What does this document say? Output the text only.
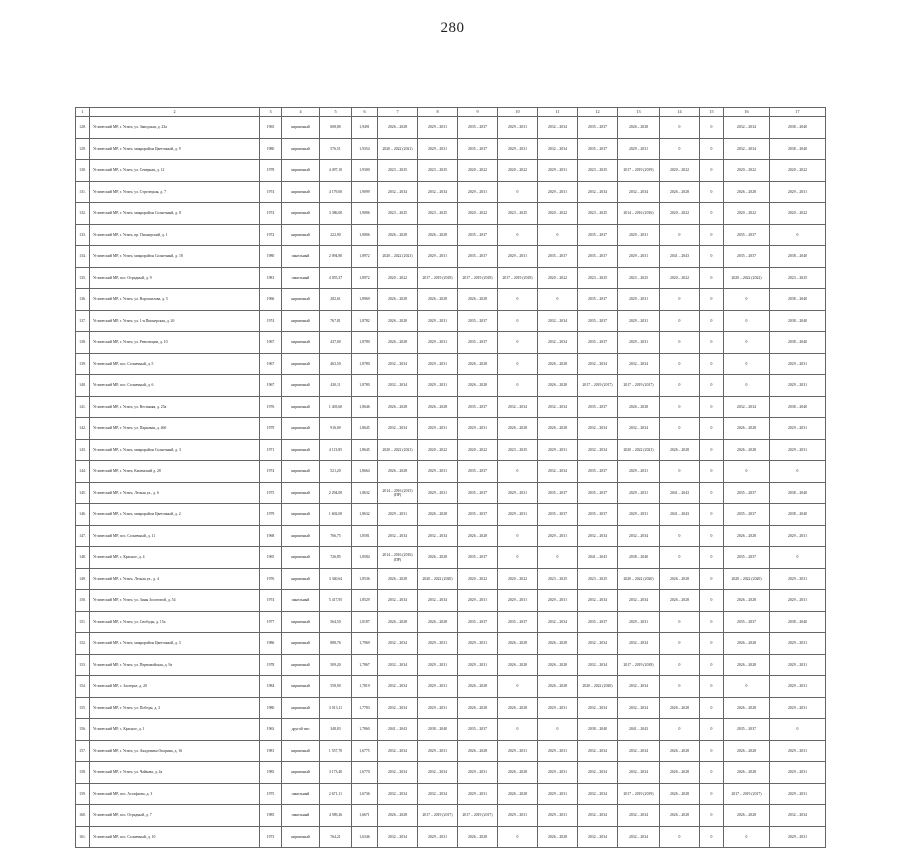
280
1	2	3	4	5	6	7	8	9	10	11	12	13	14	15	16	17
128.	Углический МР, г. Углич, ул. Заводская, д. 23а	1965	кирпичный	608,80	1,9491	2026 – 2028	2029 – 2031	2035 – 2037	2029 – 2031	2032 – 2034	2035 – 2037	2026 – 2028	0	0	2032 – 2034	2038 – 2040
129.	Углический МР, г. Углич, микрорайон Цветочный, д. 9	1980	кирпичный	576,51	1,9354	2020 – 2022 (2021)	2029 – 2031	2035 – 2037	2029 – 2031	2032 – 2034	2035 – 2037	2029 – 2031	0	0	2032 – 2034	2038 – 2040
130.	Углический МР, г. Углич, ул. Северная, д. 12	1978	кирпичный	4 497,10	1,9300	2023 – 2025	2023 – 2025	2020 – 2022	2020 – 2022	2029 – 2031	2023 – 2025	2017 – 2019 (2019)	2020 – 2022	0	2020 – 2022	2020 – 2022
131.	Углический МР, г. Углич, ул. Стрелецкая, д. 7	1974	кирпичный	4 179,00	1,9099	2032 – 2034	2032 – 2034	2029 – 2031	0	2029 – 2031	2032 – 2034	2032 – 2034	2026 – 2028	0	2026 – 2028	2029 – 2031
132.	Углический МР, г. Углич, микрорайон Солнечный, д. 8	1974	кирпичный	3 386,00	1,9006	2023 – 2025	2023 – 2025	2020 – 2022	2023 – 2025	2020 – 2022	2023 – 2025	2014 – 2016 (2016)	2020 – 2022	0	2020 – 2022	2020 – 2022
133.	Углический МР, г. Углич, пр. Пионерский, д. 1	1972	кирпичный	222,90	1,9006	2026 – 2028	2026 – 2028	2035 – 2037	0	0	2035 – 2037	2029 – 2031	0	0	2035 – 2037	0
134.	Углический МР, г. Углич, микрорайон Солнечный, д. 18	1980	панельный	2 094,80	1,8972	2020 – 2022 (2021)	2029 – 2031	2035 – 2037	2029 – 2031	2035 – 2037	2035 – 2037	2029 – 2031	2041 – 2043	0	2035 – 2037	2038 – 2040
135.	Углический МР, пос. Отрадный, д. 9	1981	панельный	4 055,37	1,8972	2020 – 2022	2017 – 2019 (2018)	2017 – 2019 (2018)	2017 – 2019 (2018)	2020 – 2022	2023 – 2025	2023 – 2025	2020 – 2022	0	2020 – 2022 (2022)	2023 – 2025
136.	Углический МР, г. Углич, ул. Ворошилова, д. 5	1966	кирпичный	282,61	1,8969	2026 – 2028	2026 – 2028	2026 – 2028	0	0	2035 – 2037	2029 – 2031	0	0	0	2038 – 2040
137.	Углический МР, г. Углич, ул. 1-я Пионерская, д. 2б	1974	кирпичный	767,81	1,8782	2026 – 2028	2029 – 2031	2035 – 2037	0	2032 – 2034	2035 – 2037	2029 – 2031	0	0	0	2038 – 2040
138.	Углический МР, г. Углич, ул. Революции, д. 10	1967	кирпичный	437,00	1,8780	2026 – 2028	2029 – 2031	2035 – 2037	0	2032 – 2034	2035 – 2037	2029 – 2031	0	0	0	2038 – 2040
139.	Углический МР, пос. Солнечный, д. 5	1967	кирпичный	463,50	1,8780	2032 – 2034	2029 – 2031	2026 – 2028	0	2026 – 2028	2032 – 2034	2032 – 2034	0	0	0	2029 – 2031
140.	Углический МР, пос. Солнечный, д. 6	1967	кирпичный	430,11	1,8780	2032 – 2034	2029 – 2031	2026 – 2028	0	2026 – 2028	2017 – 2019 (2017)	2017 – 2019 (2017)	0	0	0	2029 – 2031
141.	Углический МР, г. Углич, ул. Весенняя, д. 25а	1976	кирпичный	1 403,60	1,8646	2026 – 2028	2026 – 2028	2035 – 2037	2032 – 2034	2032 – 2034	2035 – 2037	2026 – 2028	0	0	2032 – 2034	2038 – 2040
142.	Углический МР, г. Углич, ул. Парковая, д. 46б	1979	кирпичный	916,00	1,8645	2032 – 2034	2029 – 2031	2029 – 2031	2026 – 2028	2026 – 2028	2032 – 2034	2032 – 2034	0	0	2026 – 2028	2029 – 2031
143.	Углический МР, г. Углич, микрорайон Солнечный, д. 3	1971	кирпичный	4 113,85	1,8645	2020 – 2022 (2021)	2020 – 2022	2020 – 2022	2023 – 2025	2029 – 2031	2032 – 2034	2020 – 2022 (2021)	2026 – 2028	0	2026 – 2028	2029 – 2031
144.	Углический МР, г. Углич, Каменский д. 28	1974	кирпичный	521,20	1,8664	2026 – 2028	2029 – 2031	2035 – 2037	0	2032 – 2034	2035 – 2037	2029 – 2031	0	0	0	0
145.	Углический МР, г. Углич, Лесная ул., д. 6	1975	кирпичный	2 294,00	1,8632	2014 – 2016 (2015)(ПР)	2029 – 2031	2035 – 2037	2029 – 2031	2035 – 2037	2035 – 2037	2029 – 2031	2041 – 2043	0	2035 – 2037	2038 – 2040
146.	Углический МР, г. Углич, микрорайон Цветочный, д. 2	1979	кирпичный	1 602,00	1,8632	2029 – 2031	2026 – 2028	2035 – 2037	2029 – 2031	2035 – 2037	2035 – 2037	2029 – 2031	2041 – 2043	0	2035 – 2037	2038 – 2040
147.	Углический МР, пос. Солнечный, д. 11	1968	кирпичный	766,75	1,8581	2032 – 2034	2032 – 2034	2026 – 2028	0	2029 – 2031	2032 – 2034	2032 – 2034	0	0	2026 – 2028	2029 – 2031
148.	Углический МР, с. Красное, д. 4	1965	кирпичный	726,85	1,8584	2014 – 2016 (2016)(ПР)	2026 – 2028	2035 – 2037	0	0	2041 – 2043	2038 – 2040	0	0	2035 – 2037	0
149.	Углический МР, г. Углич, Лесная ул., д. 4	1976	кирпичный	3 340,64	1,8536	2026 – 2028	2020 – 2022 (2020)	2020 – 2022	2020 – 2022	2023 – 2025	2023 – 2025	2020 – 2022 (2020)	2026 – 2028	0	2020 – 2022 (2020)	2029 – 2031
150.	Углический МР, г. Углич, ул. Зины Золотовой, д. 54	1974	панельный	5 417,95	1,8529	2032 – 2034	2032 – 2034	2029 – 2031	2029 – 2031	2029 – 2031	2032 – 2034	2032 – 2034	2026 – 2028	0	2026 – 2028	2029 – 2031
151.	Углический МР, г. Углич, ул. Свободы, д. 15а	1977	кирпичный	564,50	1,8187	2026 – 2028	2026 – 2028	2035 – 2037	2035 – 2037	2032 – 2034	2035 – 2037	2029 – 2031	0	0	2035 – 2037	2038 – 2040
152.	Углический МР, г. Углич, микрорайон Цветочный, д. 3	1986	кирпичный	888,76	1,7969	2032 – 2034	2029 – 2031	2029 – 2031	2026 – 2028	2026 – 2028	2032 – 2034	2032 – 2034	0	0	2026 – 2028	2029 – 2031
153.	Углический МР, г. Углич, ул. Первомайская, д. 9а	1978	кирпичный	509,20	1,7867	2032 – 2034	2029 – 2031	2029 – 2031	2026 – 2028	2026 – 2028	2032 – 2034	2017 – 2019 (2018)	0	0	2026 – 2028	2029 – 2031
154.	Углический МР, с. Заозерье, д. 20	1984	кирпичный	558,90	1,7819	2032 – 2034	2029 – 2031	2026 – 2028	0	2026 – 2028	2020 – 2022 (2020)	2032 – 2034	0	0	0	2029 – 2031
155.	Углический МР, г. Углич, ул. Победы, д. 3	1980	кирпичный	3 013,11	1,7783	2032 – 2034	2029 – 2031	2026 – 2028	2026 – 2028	2029 – 2031	2032 – 2034	2032 – 2034	2026 – 2028	0	2026 – 2028	2029 – 2031
156.	Углический МР, с. Красное, д. 1	1963	другой тип	348,83	1,7860	2041 – 2043	2038 – 2040	2035 – 2037	0	0	2038 – 2040	2041 – 2043	0	0	2035 – 2037	0
157.	Углический МР, г. Углич, ул. Академика Опарина, д. 16	1981	кирпичный	1 557,70	1,6775	2032 – 2034	2029 – 2031	2026 – 2028	2029 – 2031	2029 – 2031	2032 – 2034	2032 – 2034	2026 – 2028	0	2026 – 2028	2029 – 2031
158.	Углический МР, г. Углич, ул. Чайкова, д. 4а	1985	кирпичный	3 173,40	1,6770	2032 – 2034	2032 – 2034	2029 – 2031	2026 – 2028	2029 – 2031	2032 – 2034	2032 – 2034	2026 – 2028	0	2026 – 2028	2029 – 2031
159.	Углический МР, пос. Астафьево, д. 3	1975	панельный	2 671,11	1,6736	2032 – 2034	2032 – 2034	2029 – 2031	2026 – 2028	2029 – 2031	2032 – 2034	2017 – 2019 (2019)	2026 – 2028	0	2017 – 2019 (2017)	2029 – 2031
160.	Углический МР, пос. Отрадный, д. 7	1985	панельный	4 589,26	1,6671	2026 – 2028	2017 – 2019 (2017)	2017 – 2019 (2017)	2029 – 2031	2029 – 2031	2032 – 2034	2032 – 2034	2026 – 2028	0	2026 – 2028	2032 – 2034
161.	Углический МР, пос. Солнечный, д. 10	1973	кирпичный	764,21	1,6346	2032 – 2034	2029 – 2031	2026 – 2028	0	2026 – 2028	2032 – 2034	2032 – 2034	0	0	0	2029 – 2031
